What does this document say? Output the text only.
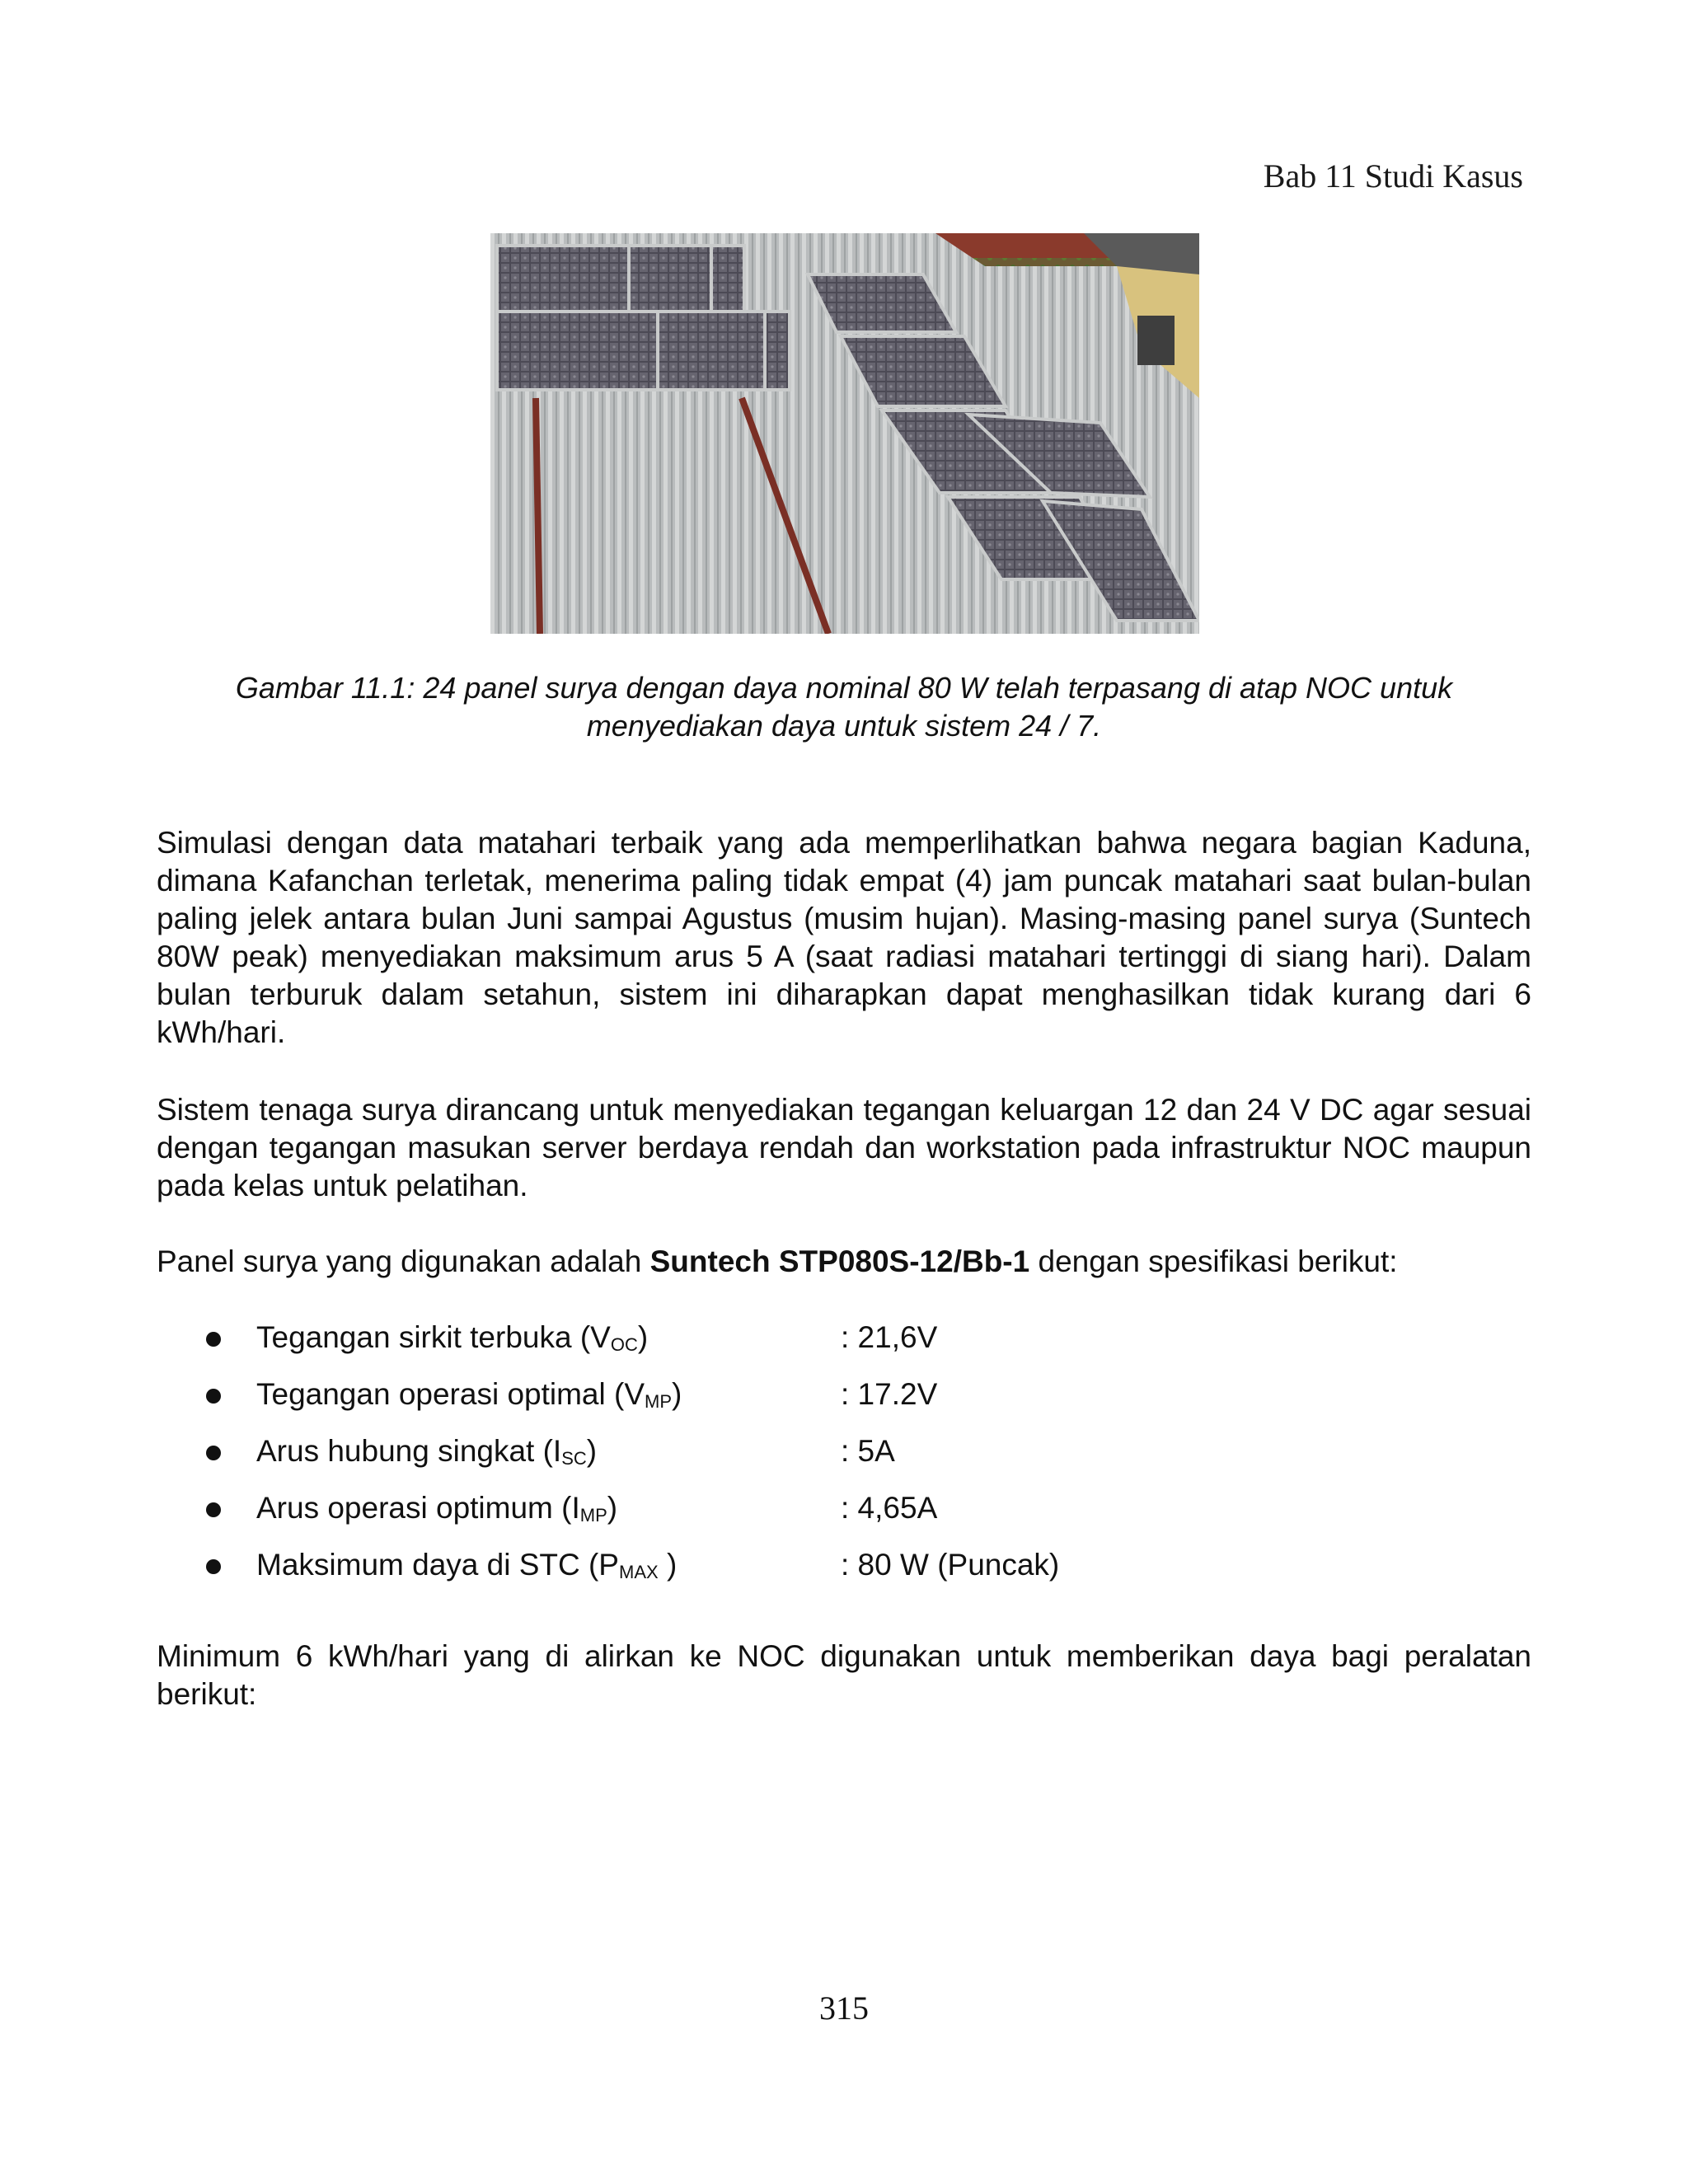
Bab 11 Studi Kasus
Gambar 11.1: 24 panel surya dengan daya nominal 80 W telah terpasang di atap NOC untuk
menyediakan daya untuk sistem 24 / 7.
Simulasi dengan data matahari terbaik yang ada memperlihatkan bahwa negara bagian Kaduna, dimana Kafanchan terletak, menerima paling tidak empat (4) jam puncak matahari saat bulan-bulan paling jelek antara bulan Juni sampai Agustus (musim hujan). Masing-masing panel surya (Suntech 80W peak) menyediakan maksimum arus 5 A (saat radiasi matahari tertinggi di siang hari). Dalam bulan terburuk dalam setahun, sistem ini diharapkan dapat menghasilkan tidak kurang dari 6 kWh/hari.
Sistem tenaga surya dirancang untuk menyediakan tegangan keluargan 12 dan 24 V DC agar sesuai dengan tegangan masukan server berdaya rendah dan workstation pada infrastruktur NOC maupun pada kelas untuk pelatihan.
Panel surya yang digunakan adalah Suntech STP080S-12/Bb-1 dengan spesifikasi berikut:
Tegangan sirkit terbuka $(V_{OC})$	: 21,6V
Tegangan operasi optimal $(V_{MP})$	: 17.2V
Arus hubung singkat $(I_{SC})$	: 5A
Arus operasi optimum $(I_{MP})$	: 4,65A
Maksimum daya di STC ($P_{MAX}$ )	: 80 W (Puncak)
Minimum 6 kWh/hari yang di alirkan ke NOC digunakan untuk memberikan daya bagi peralatan berikut:
315
